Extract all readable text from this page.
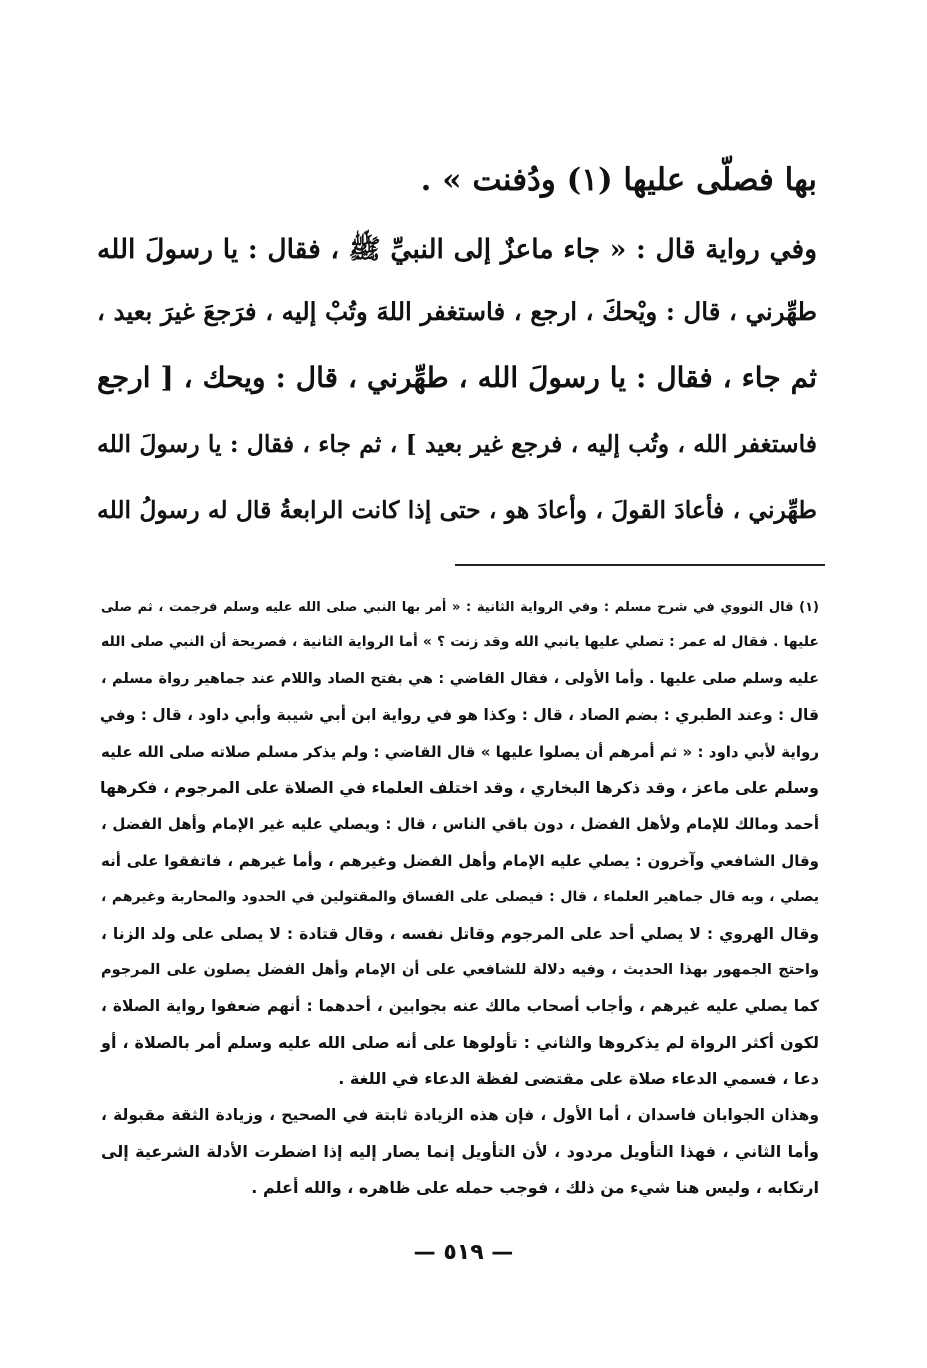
بها فصلّى عليها (١) ودُفنت » .
وفي رواية قال : « جاء ماعزٌ إلى النبيِّ ﷺ ، فقال : يا رسولَ الله
طهِّرني ، قال : ويْحكَ ، ارجع ، فاستغفر اللهَ وتُبْ إليه ، فرَجعَ غيرَ بعيد ،
ثم جاء ، فقال : يا رسولَ الله ، طهِّرني ، قال : ويحك ، [ ارجع
فاستغفر الله ، وتُب إليه ، فرجع غير بعيد ] ، ثم جاء ، فقال : يا رسولَ الله
طهِّرني ، فأعادَ القولَ ، وأعادَ هو ، حتى إذا كانت الرابعةُ قال له رسولُ الله
(١) قال النووي في شرح مسلم : وفي الرواية الثانية : « أمر بها النبي صلى الله عليه وسلم فرجمت ، ثم صلى
عليها . فقال له عمر : تصلي عليها يانبي الله وقد زنت ؟ » أما الرواية الثانية ، فصريحة أن النبي صلى الله
عليه وسلم صلى عليها . وأما الأولى ، فقال القاضي : هي بفتح الصاد واللام عند جماهير رواة مسلم ،
قال : وعند الطبري : بضم الصاد ، قال : وكذا هو في رواية ابن أبي شيبة وأبي داود ، قال : وفي
رواية لأبي داود : « ثم أمرهم أن يصلوا عليها » قال القاضي : ولم يذكر مسلم صلاته صلى الله عليه
وسلم على ماعز ، وقد ذكرها البخاري ، وقد اختلف العلماء في الصلاة على المرجوم ، فكرهها
أحمد ومالك للإمام ولأهل الفضل ، دون باقي الناس ، قال : ويصلي عليه غير الإمام وأهل الفضل ،
وقال الشافعي وآخرون : يصلي عليه الإمام وأهل الفضل وغيرهم ، وأما غيرهم ، فاتفقوا على أنه
يصلي ، وبه قال جماهير العلماء ، قال : فيصلى على الفساق والمقتولين في الحدود والمحاربة وغيرهم ،
وقال الهروي : لا يصلي أحد على المرجوم وقاتل نفسه ، وقال قتادة : لا يصلى على ولد الزنا ،
واحتج الجمهور بهذا الحديث ، وفيه دلالة للشافعي على أن الإمام وأهل الفضل يصلون على المرجوم
كما يصلي عليه غيرهم ، وأجاب أصحاب مالك عنه بجوابين ، أحدهما : أنهم ضعفوا رواية الصلاة ،
لكون أكثر الرواة لم يذكروها والثاني : تأولوها على أنه صلى الله عليه وسلم أمر بالصلاة ، أو
دعا ، فسمي الدعاء صلاة على مقتضى لفظة الدعاء في اللغة .
وهذان الجوابان فاسدان ، أما الأول ، فإن هذه الزيادة ثابتة في الصحيح ، وزيادة الثقة مقبولة ،
وأما الثاني ، فهذا التأويل مردود ، لأن التأويل إنما يصار إليه إذا اضطرت الأدلة الشرعية إلى
ارتكابه ، وليس هنا شيء من ذلك ، فوجب حمله على ظاهره ، والله أعلم .
— ٥١٩ —
